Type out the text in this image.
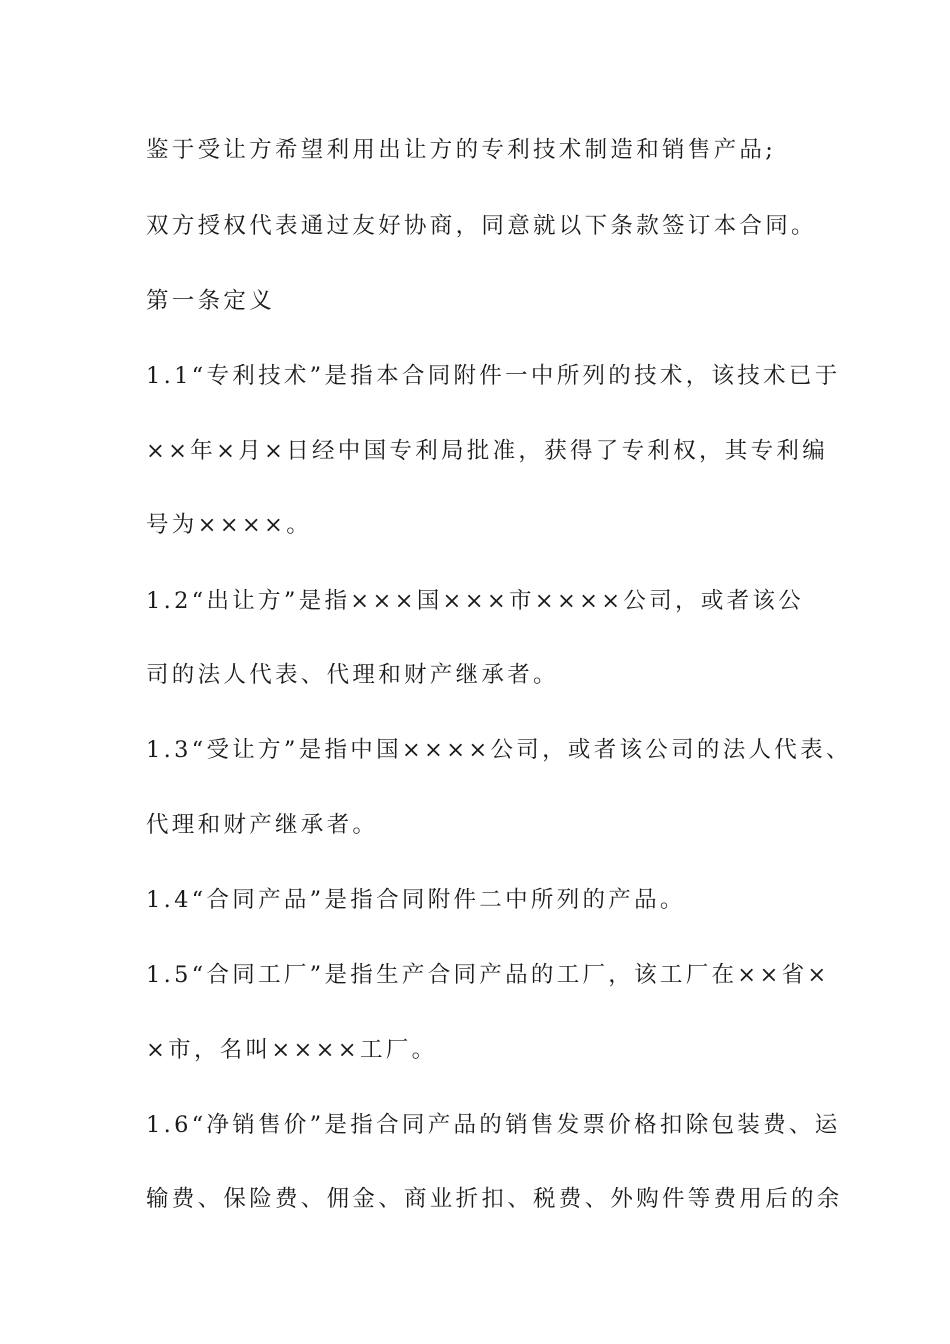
鉴于受让方希望利用出让方的专利技术制造和销售产品;
双方授权代表通过友好协商，同意就以下条款签订本合同。
第一条定义
1.1“专利技术”是指本合同附件一中所列的技术，该技术已于
××年×月×日经中国专利局批准，获得了专利权，其专利编
号为××××。
1.2“出让方”是指×××国×××市××××公司，或者该公
司的法人代表、代理和财产继承者。
1.3“受让方”是指中国××××公司，或者该公司的法人代表、
代理和财产继承者。
1.4“合同产品”是指合同附件二中所列的产品。
1.5“合同工厂”是指生产合同产品的工厂，该工厂在××省×
×市，名叫××××工厂。
1.6“净销售价”是指合同产品的销售发票价格扣除包装费、运
输费、保险费、佣金、商业折扣、税费、外购件等费用后的余
